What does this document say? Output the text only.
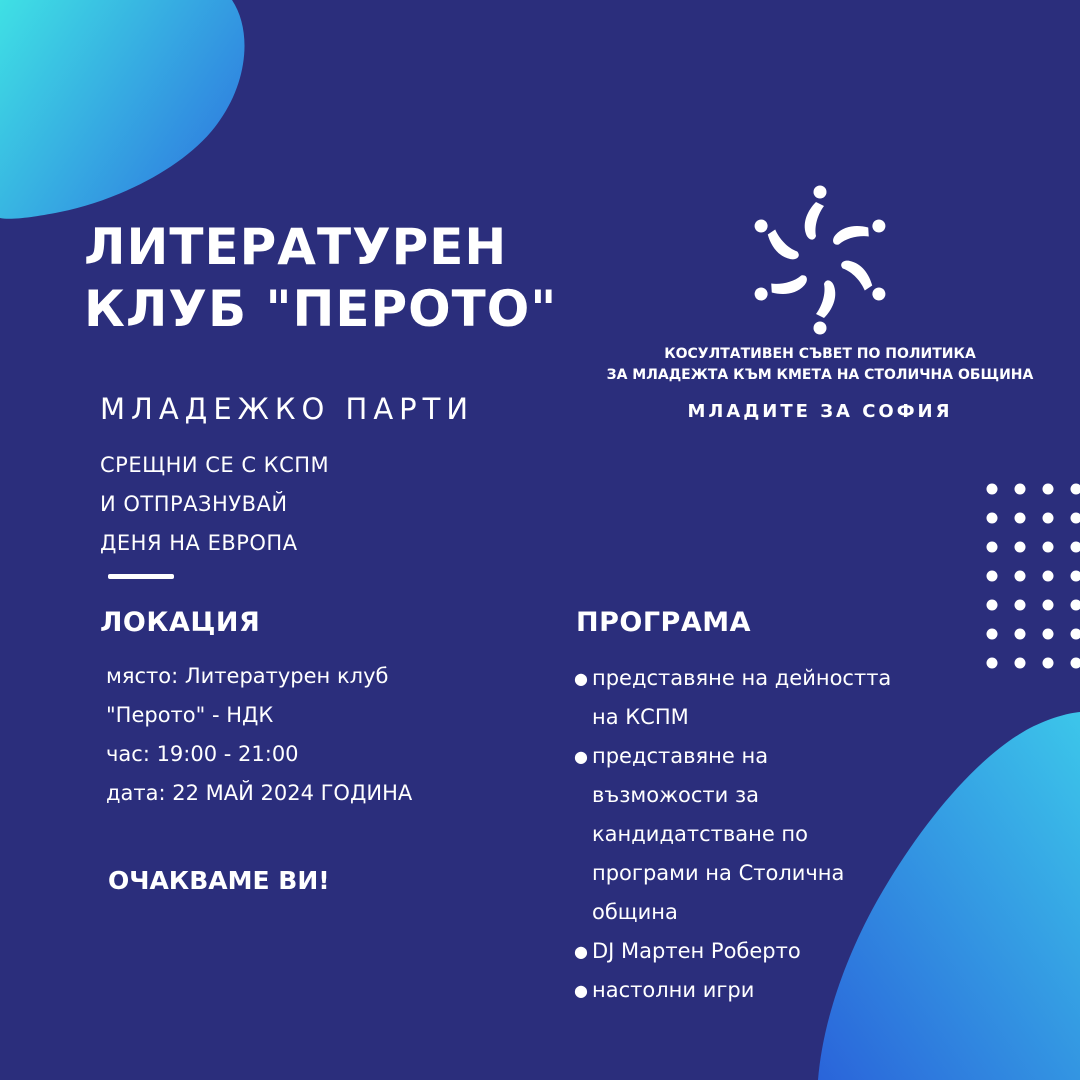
ЛИТЕРАТУРЕН
КЛУБ "ПЕРОТО"
МЛАДЕЖКО ПАРТИ
СРЕЩНИ СЕ С КСПМ
И ОТПРАЗНУВАЙ
ДЕНЯ НА ЕВРОПА
ЛОКАЦИЯ
място: Литературен клуб
"Перото" - НДК
час: 19:00 - 21:00
дата: 22 МАЙ 2024 ГОДИНА
ОЧАКВАМЕ ВИ!
ПРОГРАМА
● представяне на дейността на КСПМ
● представяне на възможости за кандидатстване по програми на Столична община
● DJ Мартен Роберто
● настолни игри
КОСУЛТАТИВЕН СЪВЕТ ПО ПОЛИТИКА
ЗА МЛАДЕЖТА КЪМ КМЕТА НА СТОЛИЧНА ОБЩИНА
МЛАДИТЕ ЗА СОФИЯ
